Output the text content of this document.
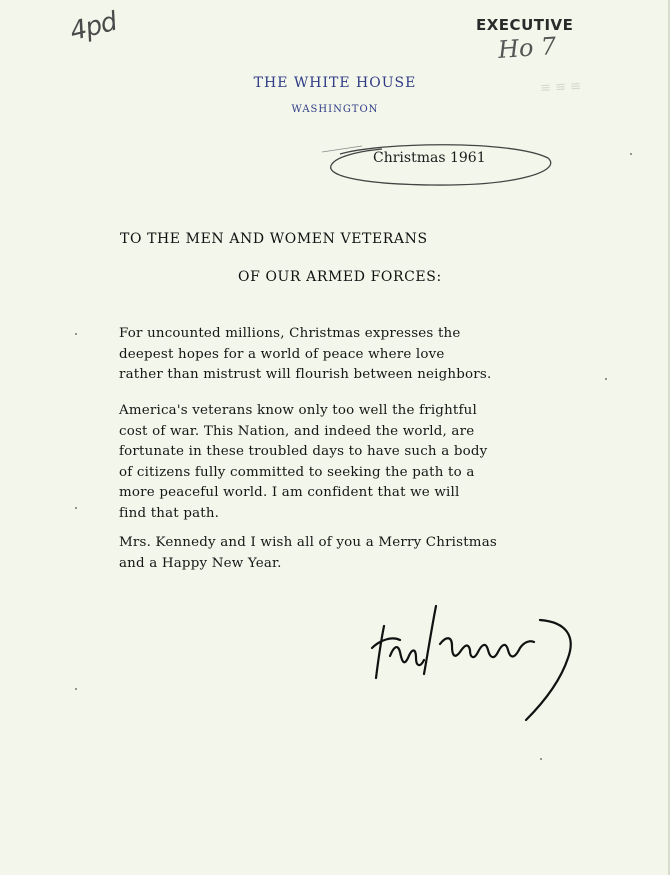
4pd	EXECUTIVE
Ho 7
≡ ≡ ≡
THE WHITE HOUSE
WASHINGTON
Christmas 1961
TO THE MEN AND WOMEN VETERANS
OF OUR ARMED FORCES:
For uncounted millions, Christmas expresses the
deepest hopes for a world of peace where love
rather than mistrust will flourish between neighbors.
America's veterans know only too well the frightful
cost of war. This Nation, and indeed the world, are
fortunate in these troubled days to have such a body
of citizens fully committed to seeking the path to a
more peaceful world. I am confident that we will
find that path.
Mrs. Kennedy and I wish all of you a Merry Christmas
and a Happy New Year.
